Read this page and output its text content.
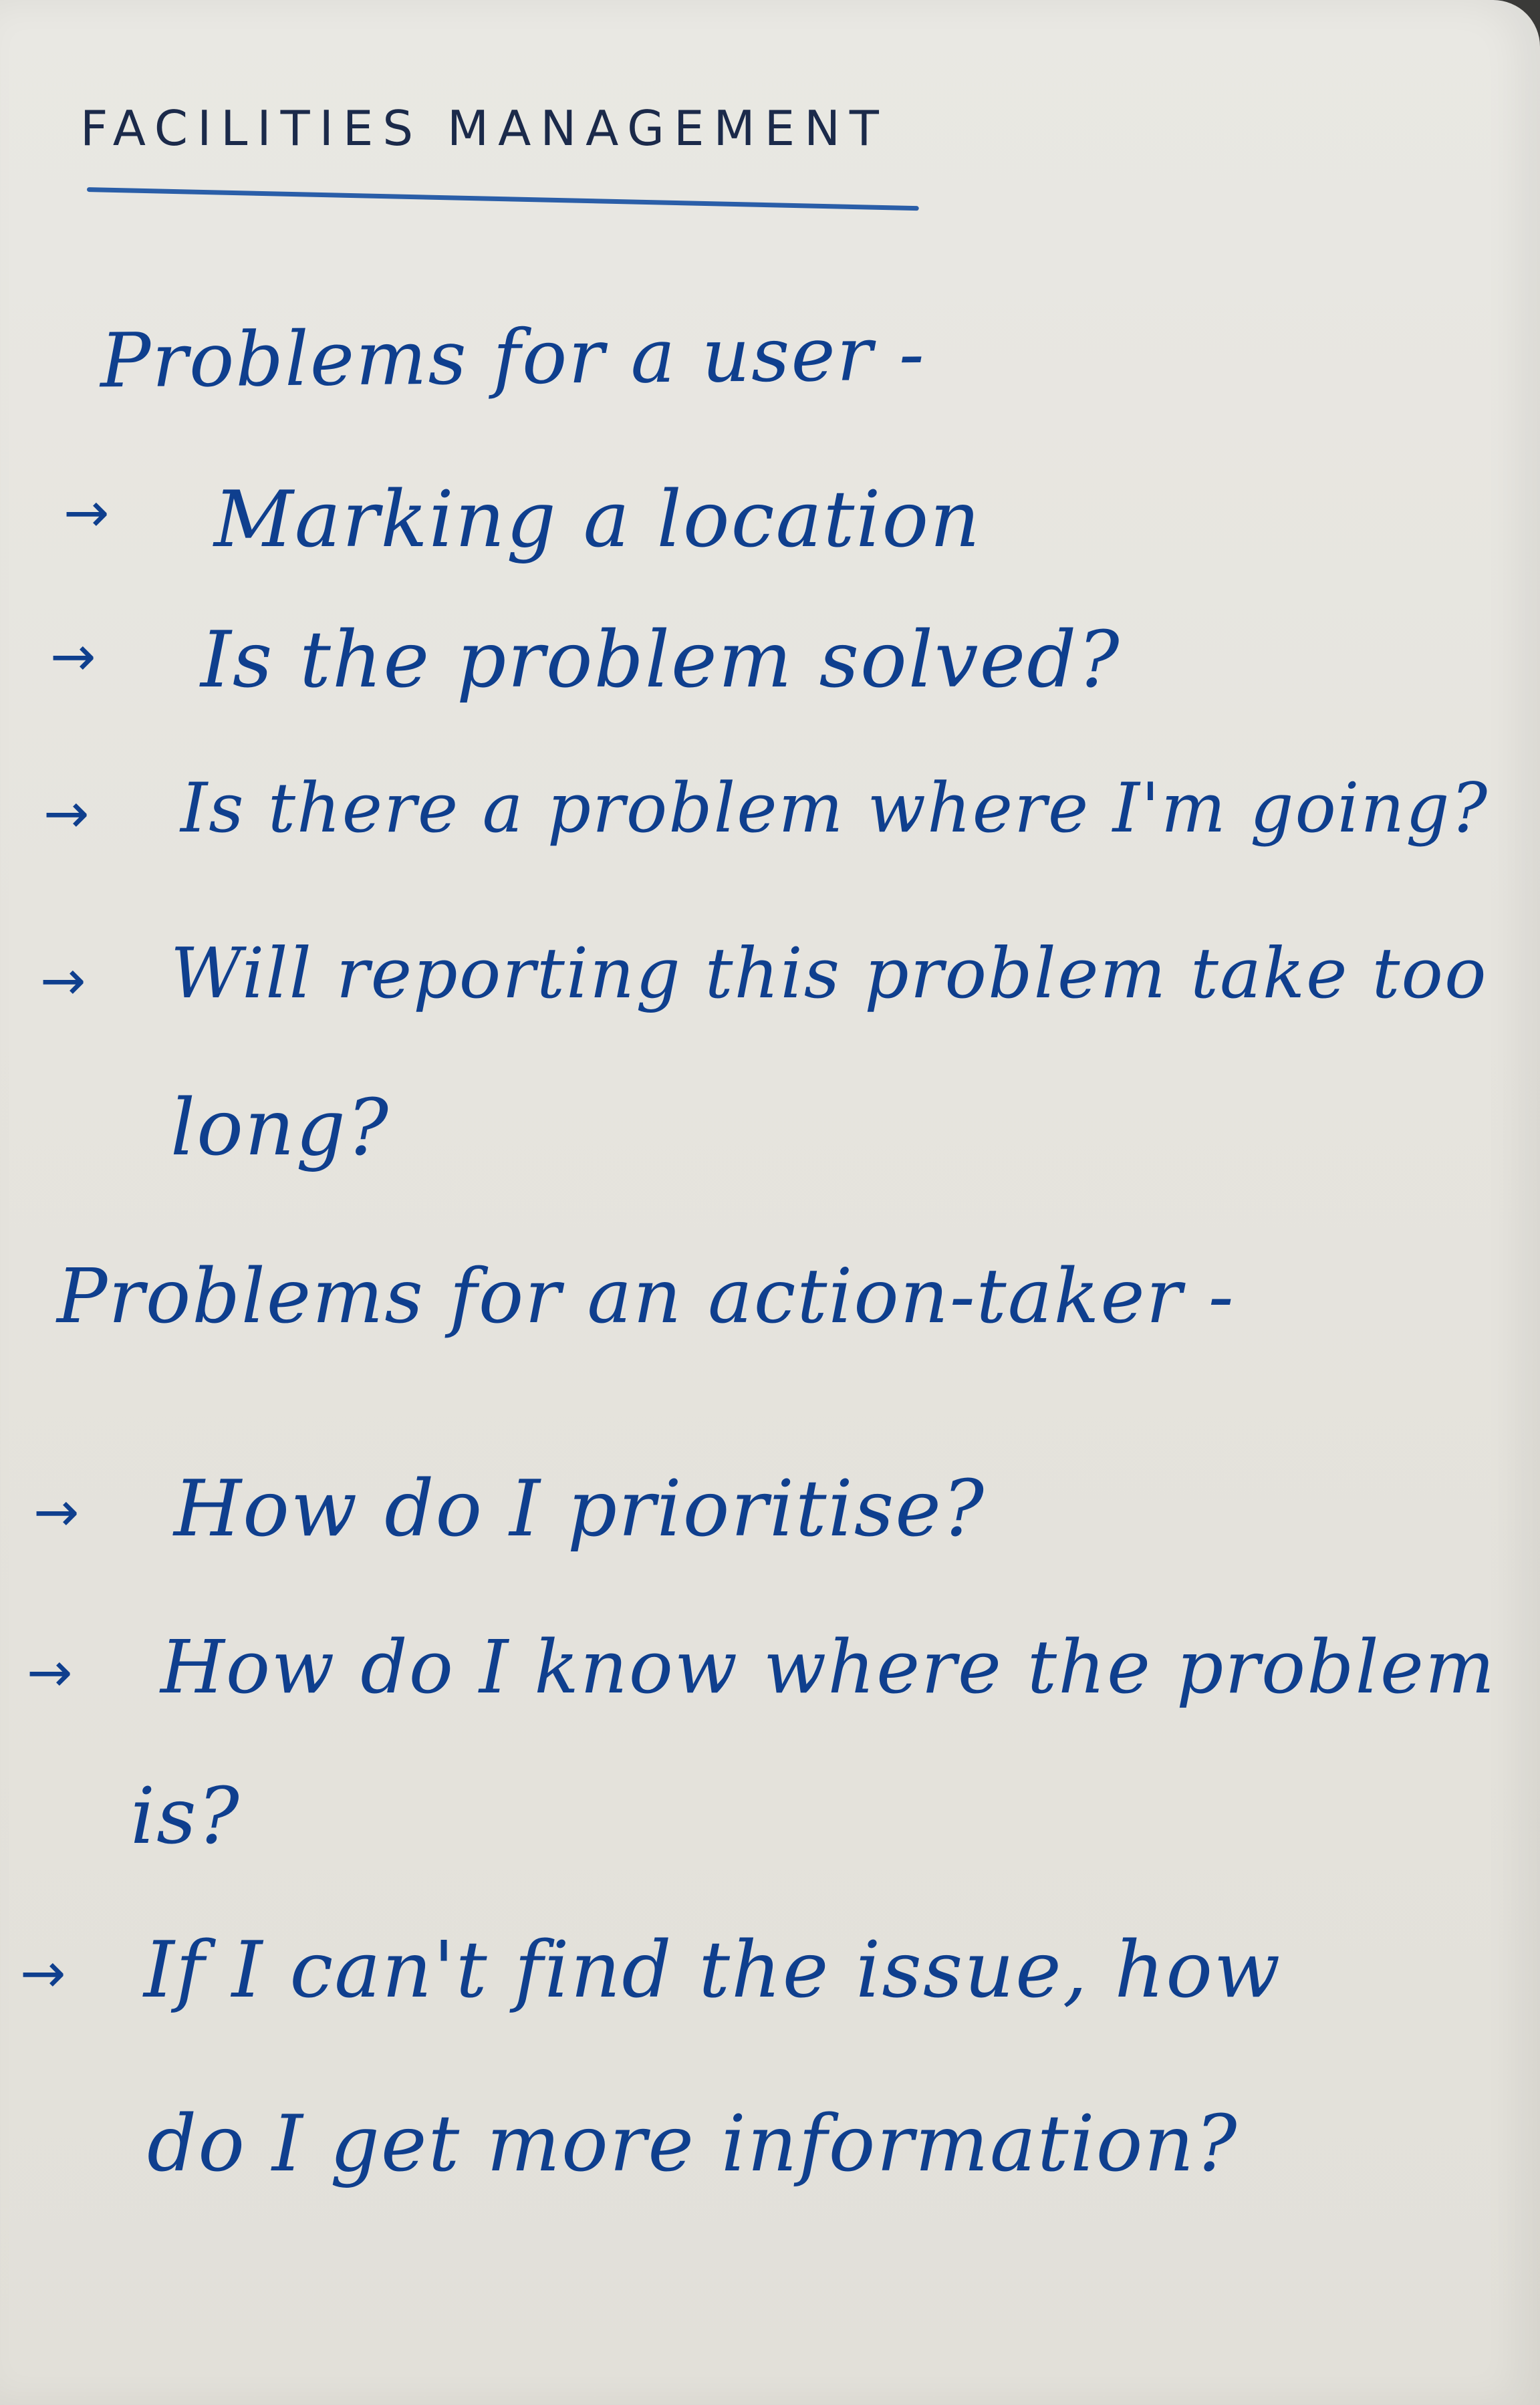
FACILITIES MANAGEMENT
Problems for a user -
→ Marking a location
→ Is the problem solved?
→ Is there a problem where I'm going?
→ Will reporting this problem take too
long?
Problems for an action-taker -
→ How do I prioritise?
→ How do I know where the problem
is?
→ If I can't find the issue, how
do I get more information?
